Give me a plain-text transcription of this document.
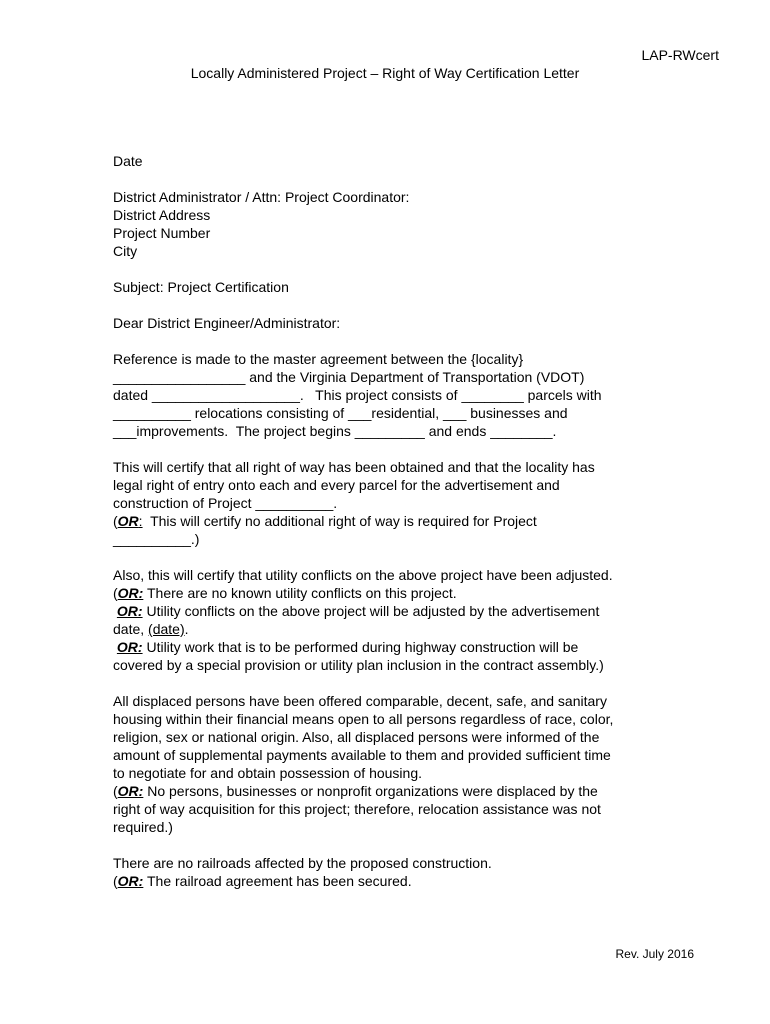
LAP-RWcert
Locally Administered Project – Right of Way Certification Letter

Date

District Administrator / Attn: Project Coordinator:
District Address
Project Number
City

Subject: Project Certification

Dear District Engineer/Administrator:

Reference is made to the master agreement between the {locality}
_________________ and the Virginia Department of Transportation (VDOT)
dated ___________________.   This project consists of ________ parcels with
__________ relocations consisting of ___residential, ___ businesses and
___improvements.  The project begins _________ and ends ________.
This will certify that all right of way has been obtained and that the locality has
legal right of entry onto each and every parcel for the advertisement and
construction of Project __________.
(OR:  This will certify no additional right of way is required for Project
__________.)
Also, this will certify that utility conflicts on the above project have been adjusted.
(OR: There are no known utility conflicts on this project.
OR: Utility conflicts on the above project will be adjusted by the advertisement
date, (date).
OR: Utility work that is to be performed during highway construction will be
covered by a special provision or utility plan inclusion in the contract assembly.)
All displaced persons have been offered comparable, decent, safe, and sanitary
housing within their financial means open to all persons regardless of race, color,
religion, sex or national origin. Also, all displaced persons were informed of the
amount of supplemental payments available to them and provided sufficient time
to negotiate for and obtain possession of housing.
(OR: No persons, businesses or nonprofit organizations were displaced by the
right of way acquisition for this project; therefore, relocation assistance was not
required.)
There are no railroads affected by the proposed construction.
(OR: The railroad agreement has been secured.
Rev. July 2016
